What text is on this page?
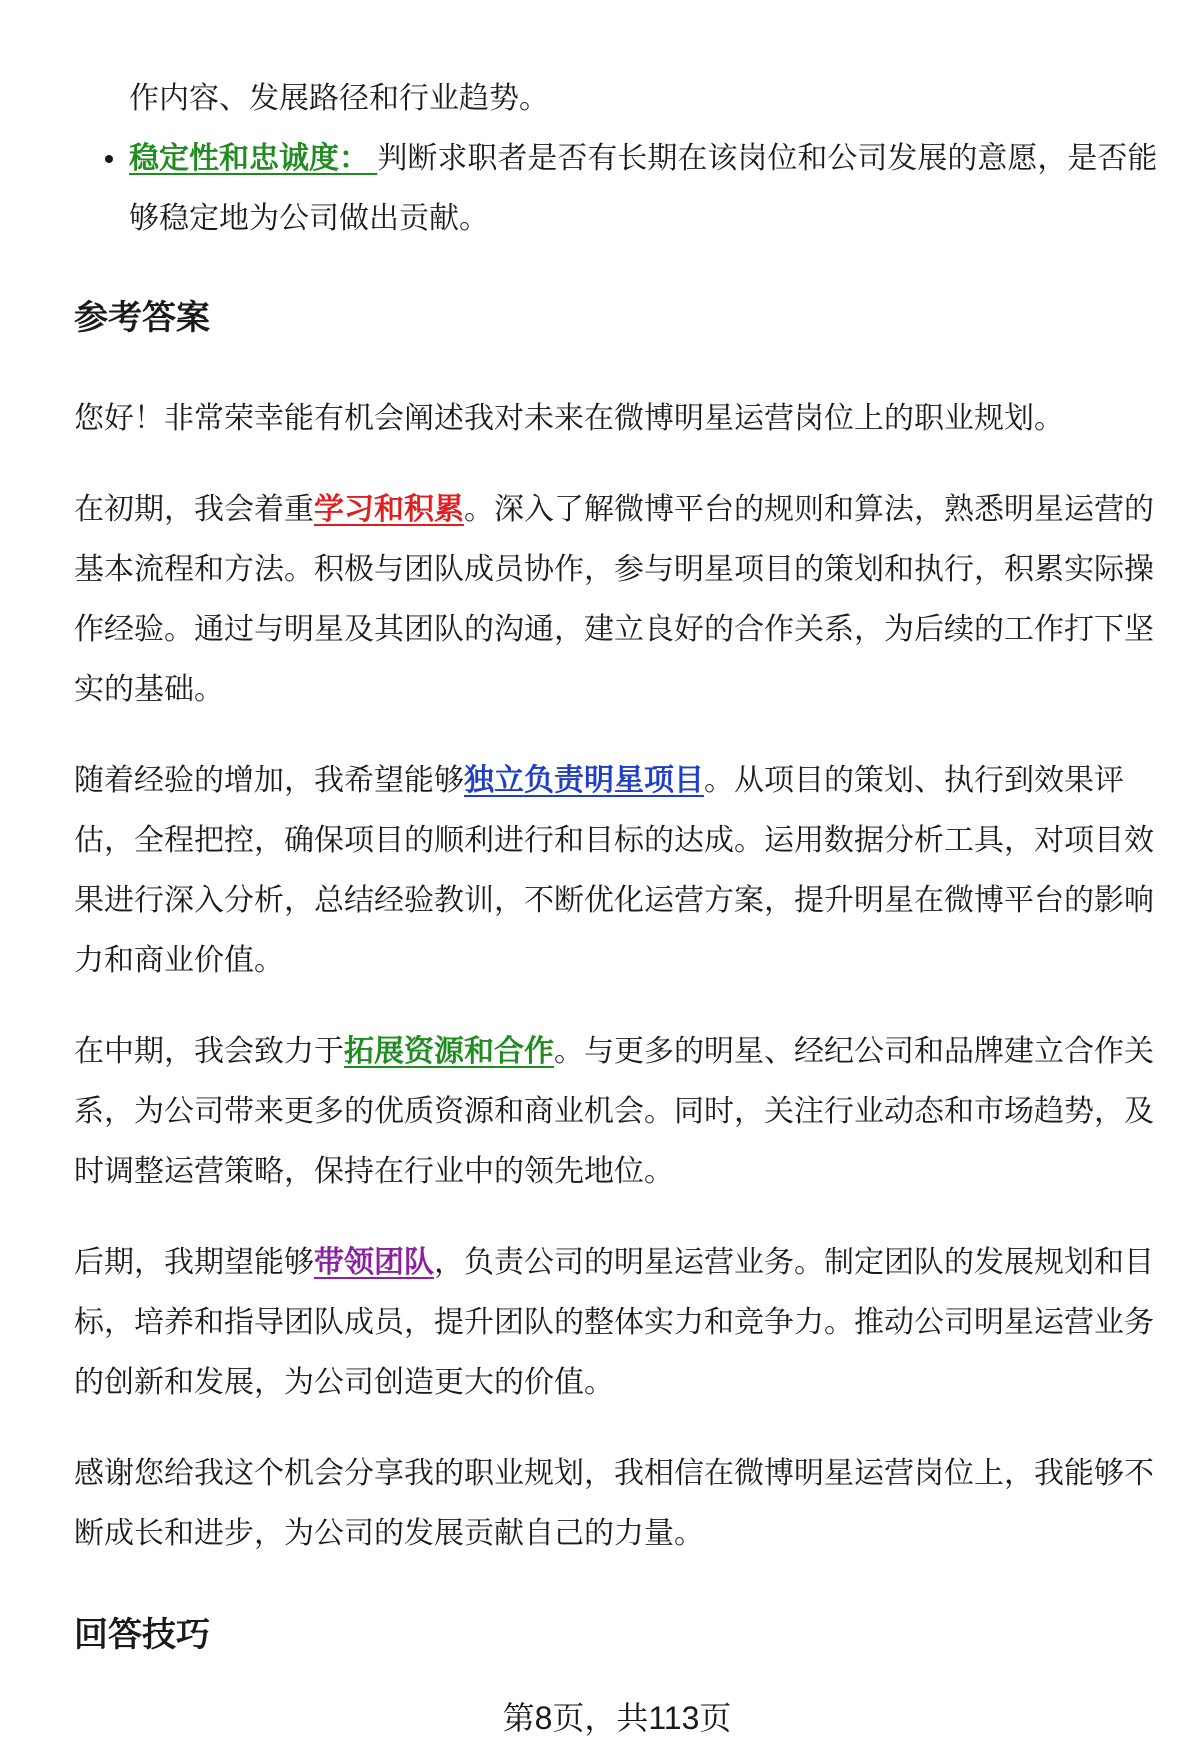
作内容、发展路径和行业趋势。
稳定性和忠诚度： 判断求职者是否有长期在该岗位和公司发展的意愿，是否能
够稳定地为公司做出贡献。
参考答案
您好！非常荣幸能有机会阐述我对未来在微博明星运营岗位上的职业规划。
在初期，我会着重学习和积累。深入了解微博平台的规则和算法，熟悉明星运营的
基本流程和方法。积极与团队成员协作，参与明星项目的策划和执行，积累实际操
作经验。通过与明星及其团队的沟通，建立良好的合作关系，为后续的工作打下坚
实的基础。
随着经验的增加，我希望能够独立负责明星项目。从项目的策划、执行到效果评
估，全程把控，确保项目的顺利进行和目标的达成。运用数据分析工具，对项目效
果进行深入分析，总结经验教训，不断优化运营方案，提升明星在微博平台的影响
力和商业价值。
在中期，我会致力于拓展资源和合作。与更多的明星、经纪公司和品牌建立合作关
系，为公司带来更多的优质资源和商业机会。同时，关注行业动态和市场趋势，及
时调整运营策略，保持在行业中的领先地位。
后期，我期望能够带领团队，负责公司的明星运营业务。制定团队的发展规划和目
标，培养和指导团队成员，提升团队的整体实力和竞争力。推动公司明星运营业务
的创新和发展，为公司创造更大的价值。
感谢您给我这个机会分享我的职业规划，我相信在微博明星运营岗位上，我能够不
断成长和进步，为公司的发展贡献自己的力量。
回答技巧
第8页，共113页
